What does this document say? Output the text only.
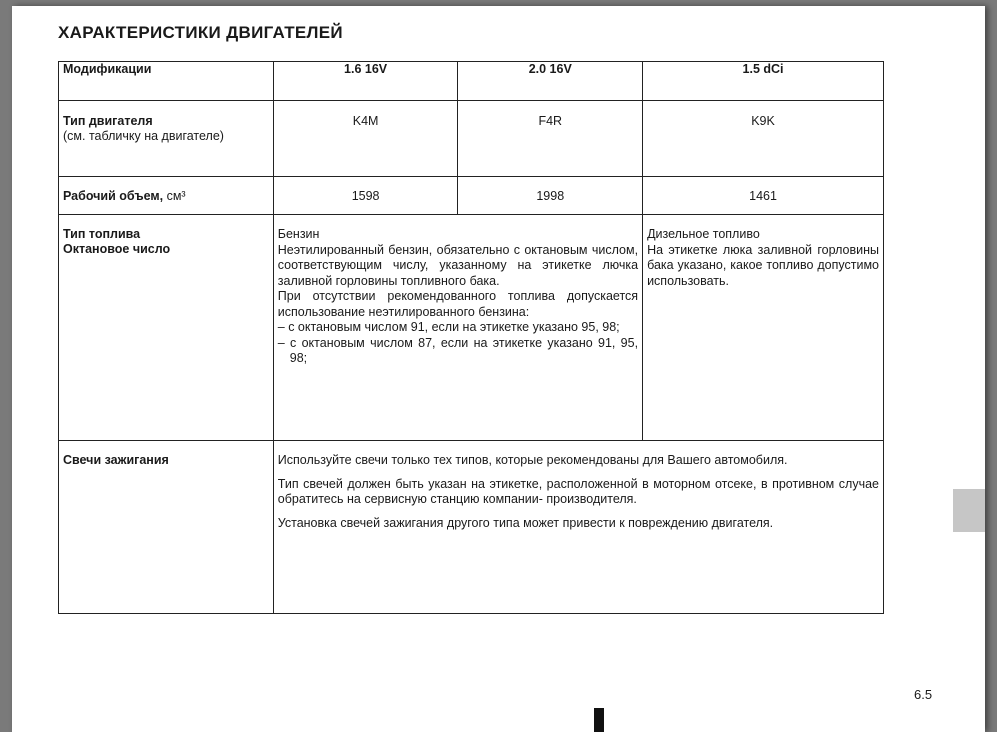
ХАРАКТЕРИСТИКИ ДВИГАТЕЛЕЙ
Модификации	1.6 16V	2.0 16V	1.5 dCi
Тип двигателя
(см. табличку на двигателе)	K4M	F4R	K9K
Рабочий объем, см³	1598	1998	1461

Тип топлива
Октановое число	Бензин
Неэтилированный бензин, обязательно с октановым числом, соответствующим числу, указанному на этикетке лючка заливной горловины топливного бака.
При отсутствии рекомендованного топлива допускается использование неэтилированного бензина:
– с октановым числом 91, если на этикетке указано 95, 98;
– с октановым числом 87, если на этикетке указано 91, 95, 98;		Дизельное топливо
На этикетке люка заливной горловины бака указано, какое топливо допустимо использовать.

Свечи зажигания	Используйте свечи только тех типов, которые рекомендованы для Вашего автомобиля.

Тип свечей должен быть указан на этикетке, расположенной в моторном отсеке, в противном случае обратитесь на сервисную станцию компании- производителя.

Установка свечей зажигания другого типа может привести к повреждению двигателя.		

6.5
